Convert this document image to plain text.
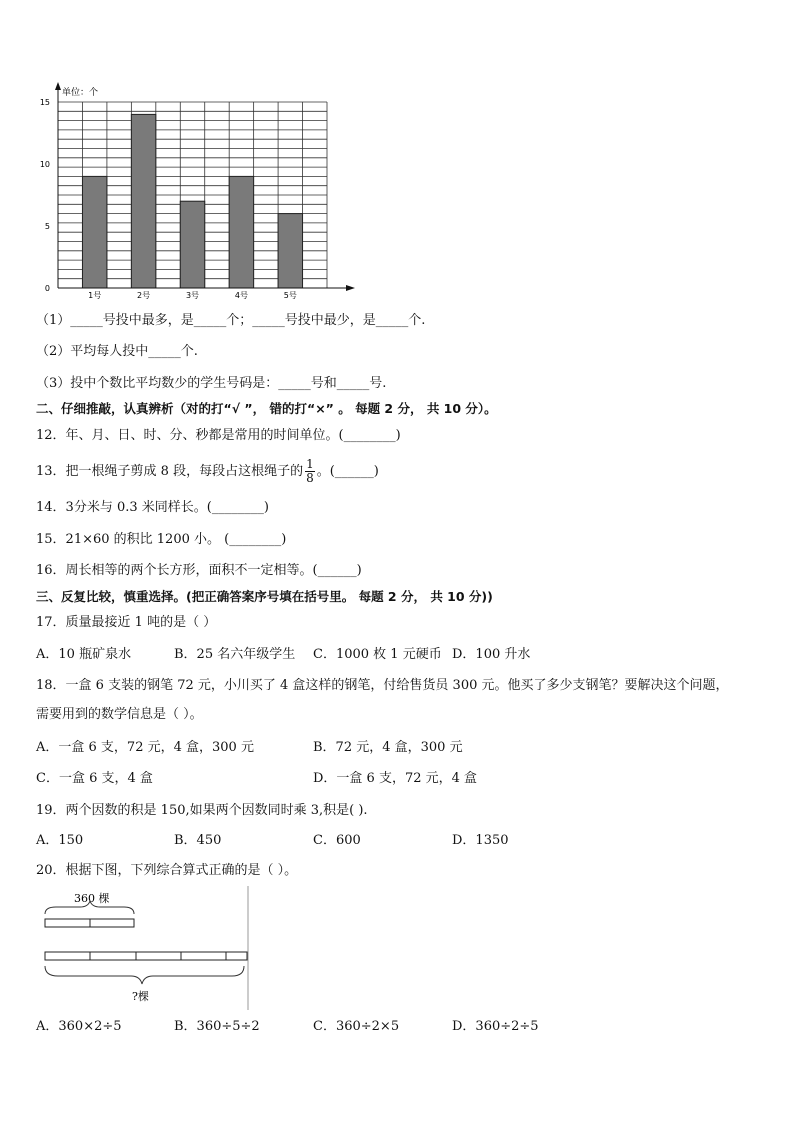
1号	2号	3号	4号	5号
0
5
10
15
单位：个
（1）_____号投中最多，是_____个；_____号投中最少，是_____个.
（2）平均每人投中_____个.
（3）投中个数比平均数少的学生号码是：_____号和_____号.
二、仔细推敲，认真辨析（对的打“√ ”， 错的打“×” 。 每题 2 分， 共 10 分）。
12．年、月、日、时、分、秒都是常用的时间单位。(________)
13．把一根绳子剪成 8 段，每段占这根绳子的 $\frac{1}{8}$ 。(______)
14．3分米与 0.3 米同样长。(________)
15．21×60 的积比 1200 小。 (________)
16．周长相等的两个长方形，面积不一定相等。(______)
三、反复比较，慎重选择。(把正确答案序号填在括号里。 每题 2 分， 共 10 分))
17．质量最接近 1 吨的是（ ）
A．10 瓶矿泉水	B．25 名六年级学生 C．1000 枚 1 元硬币 D．100 升水
18．一盒 6 支装的钢笔 72 元，小川买了 4 盒这样的钢笔，付给售货员 300 元。他买了多少支钢笔？要解决这个问题，
需要用到的数学信息是（ ）。
A．一盒 6 支，72 元，4 盒，300 元	B．72 元，4 盒，300 元
C．一盒 6 支，4 盒	D．一盒 6 支，72 元，4 盒
19．两个因数的积是 150,如果两个因数同时乘 3,积是( ).
A．150	B．450	C．600	D．1350
20．根据下图，下列综合算式正确的是（ ）。
360 棵
?棵
A．360×2÷5	B．360÷5÷2	C．360÷2×5	D．360÷2÷5
